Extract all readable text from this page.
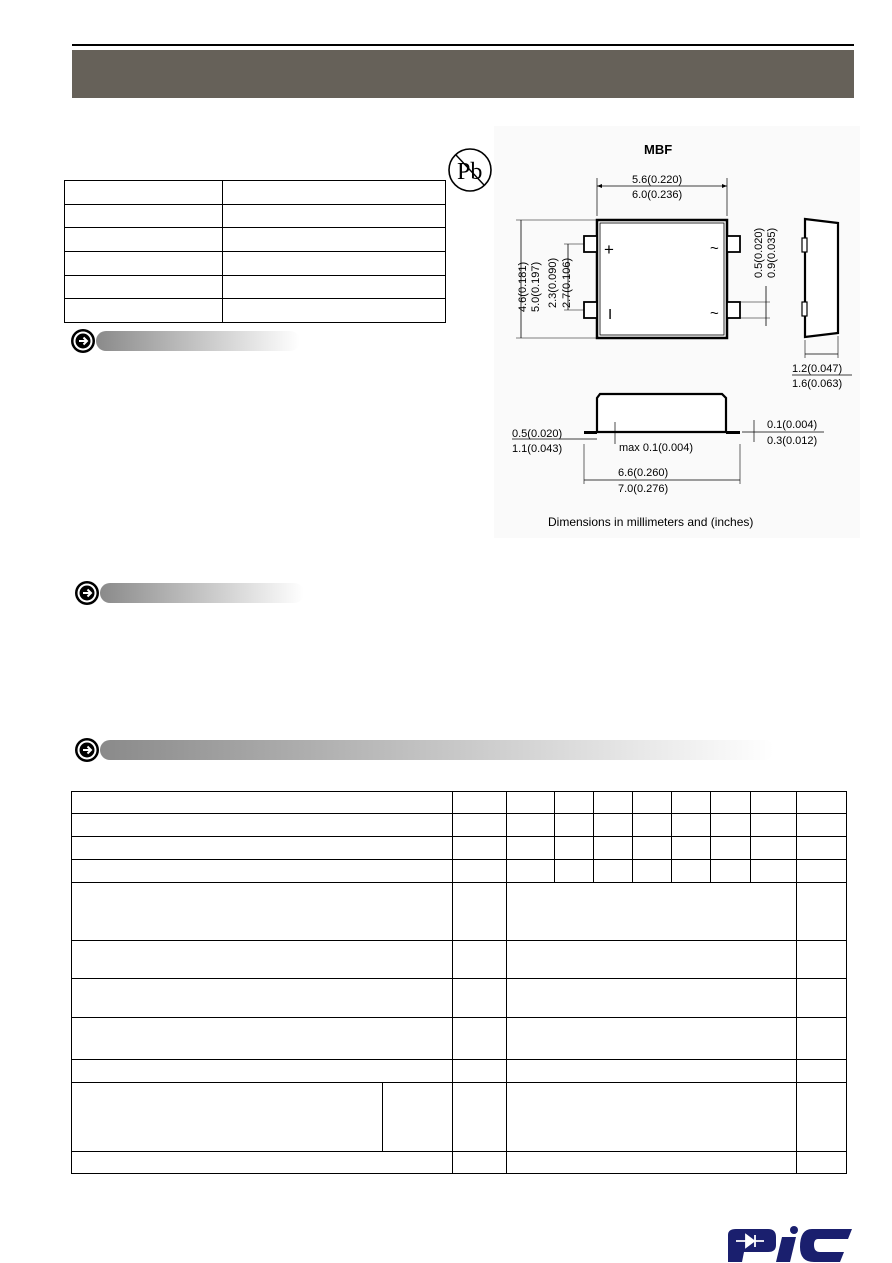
Pb

MBF
5.6(0.220)
6.0(0.236)
+
I
~
~
4.6(0.181) 5.0(0.197) 2.3(0.090) 2.7(0.106)
0.5(0.020) 0.9(0.035)
1.2(0.047)
1.6(0.063)
6.6(0.260)
7.0(0.276)
0.5(0.020)
1.1(0.043)	max 0.1(0.004)
0.1(0.004)
0.3(0.012)
Dimensions in millimeters and (inches)

PIC
